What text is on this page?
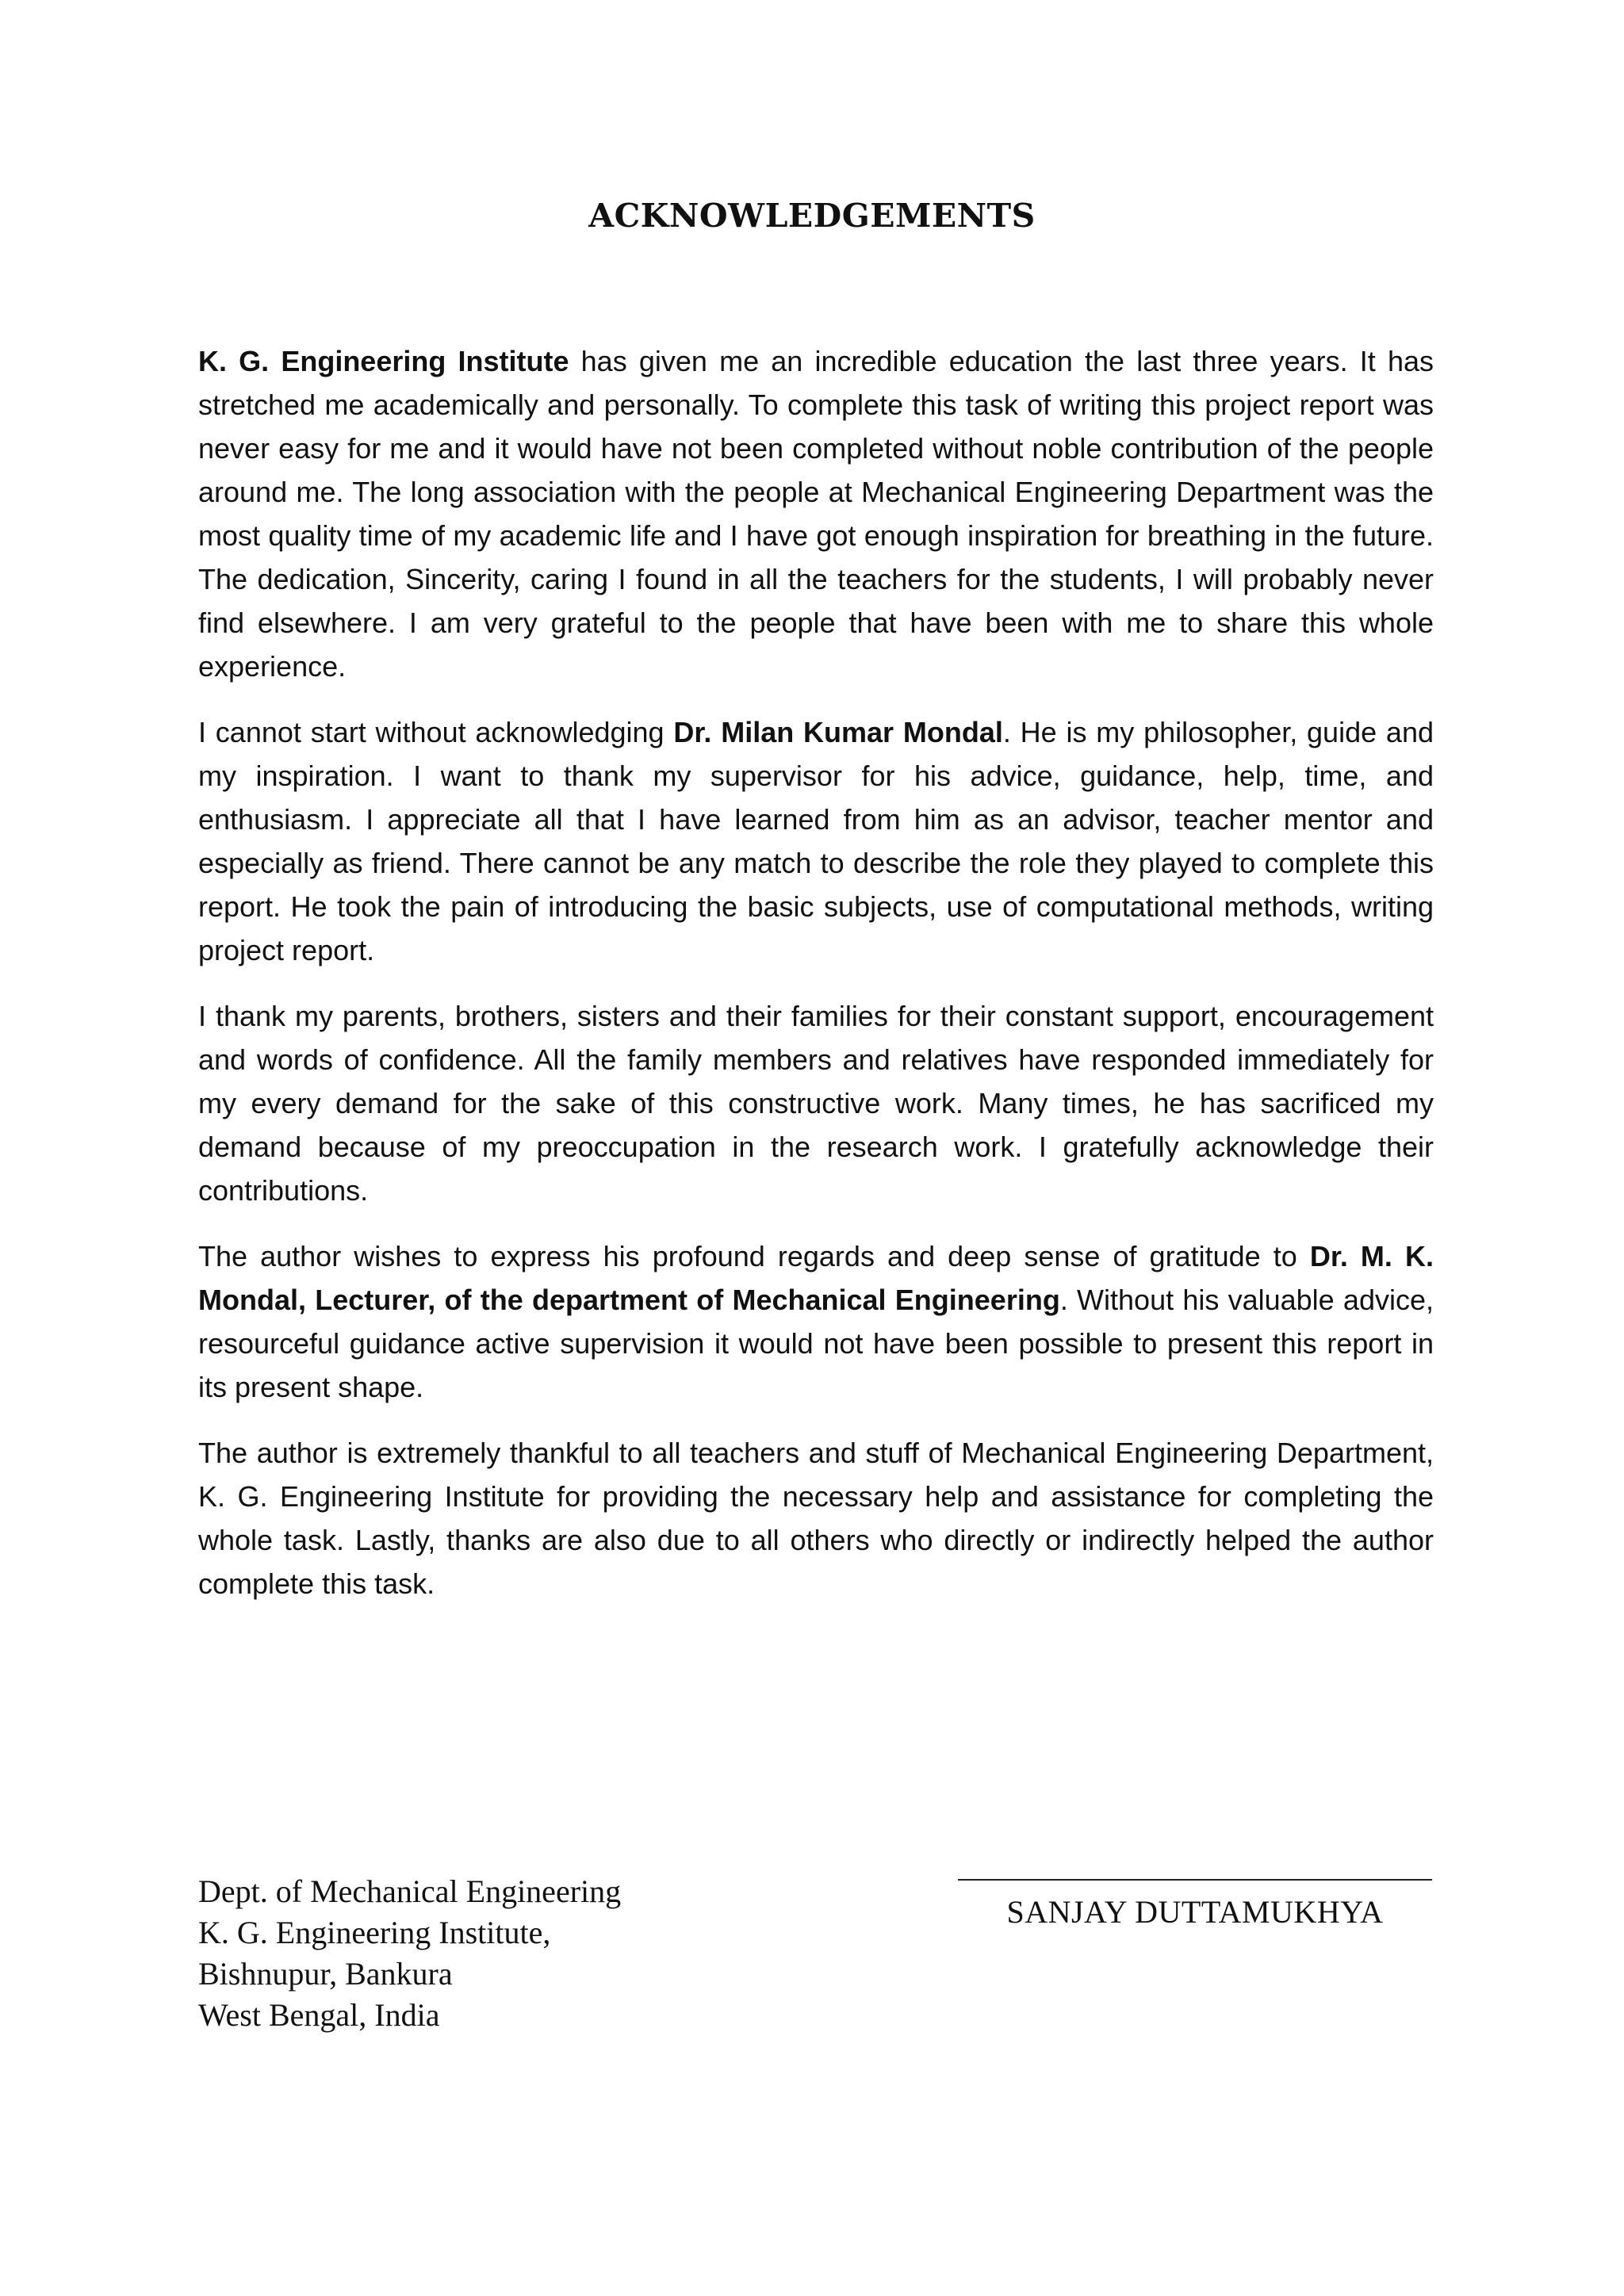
ACKNOWLEDGEMENTS

K. G. Engineering Institute has given me an incredible education the last three years. It has stretched me academically and personally. To complete this task of writing this project report was never easy for me and it would have not been completed without noble contribution of the people around me. The long association with the people at Mechanical Engineering Department was the most quality time of my academic life and I have got enough inspiration for breathing in the future. The dedication, Sincerity, caring I found in all the teachers for the students, I will probably never find elsewhere. I am very grateful to the people that have been with me to share this whole experience.

I cannot start without acknowledging Dr. Milan Kumar Mondal. He is my philosopher, guide and my inspiration. I want to thank my supervisor for his advice, guidance, help, time, and enthusiasm. I appreciate all that I have learned from him as an advisor, teacher mentor and especially as friend. There cannot be any match to describe the role they played to complete this report. He took the pain of introducing the basic subjects, use of computational methods, writing project report.

I thank my parents, brothers, sisters and their families for their constant support, encouragement and words of confidence. All the family members and relatives have responded immediately for my every demand for the sake of this constructive work. Many times, he has sacrificed my demand because of my preoccupation in the research work. I gratefully acknowledge their contributions.

The author wishes to express his profound regards and deep sense of gratitude to Dr. M. K. Mondal, Lecturer, of the department of Mechanical Engineering. Without his valuable advice, resourceful guidance active supervision it would not have been possible to present this report in its present shape.

The author is extremely thankful to all teachers and stuff of Mechanical Engineering Department, K. G. Engineering Institute for providing the necessary help and assistance for completing the whole task. Lastly, thanks are also due to all others who directly or indirectly helped the author complete this task.

Dept. of Mechanical Engineering
K. G. Engineering Institute,
Bishnupur, Bankura
West Bengal, India
SANJAY DUTTAMUKHYA
